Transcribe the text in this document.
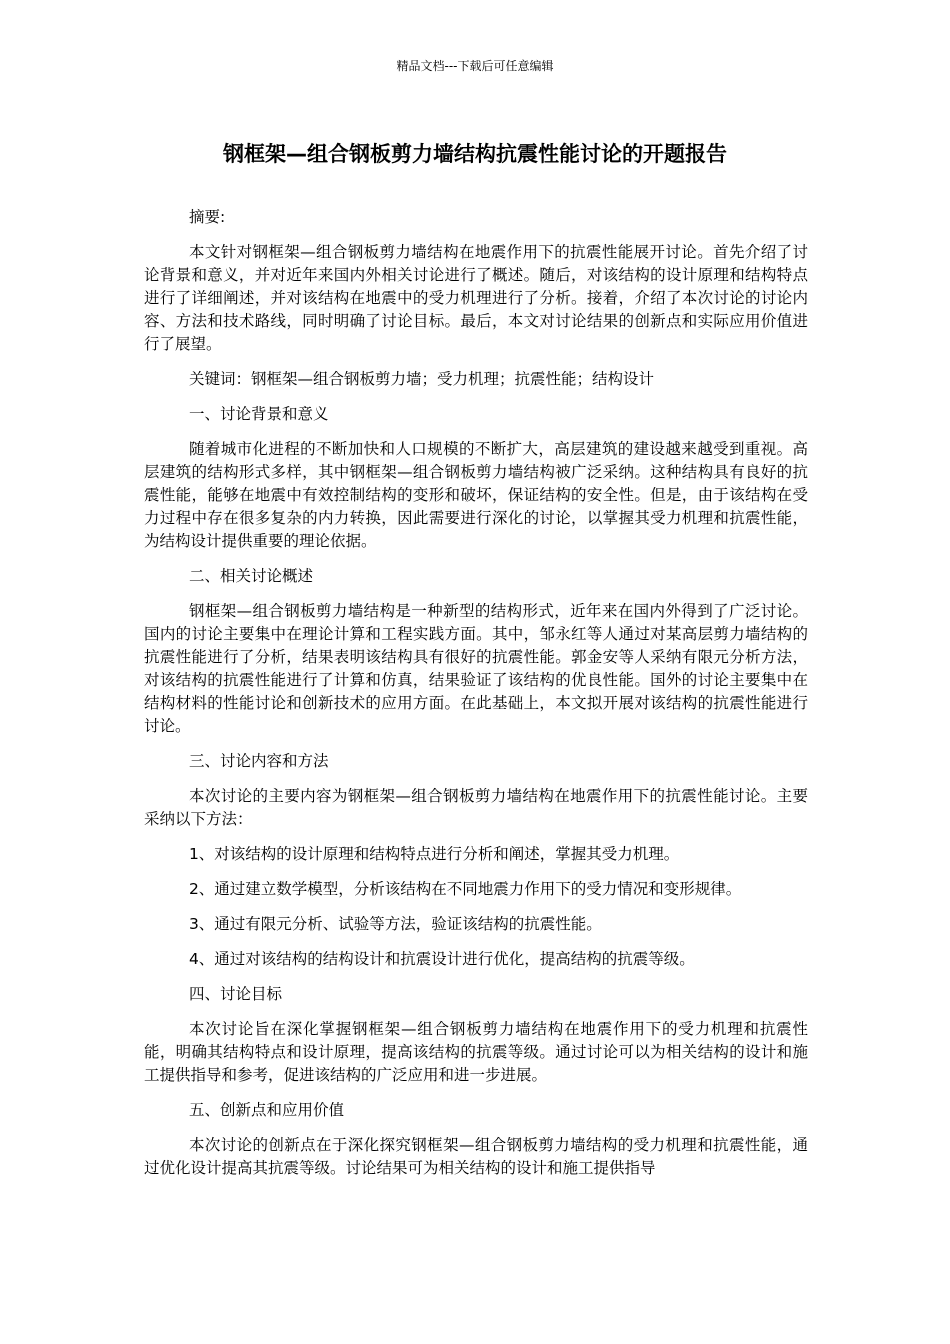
精品文档---下载后可任意编辑
钢框架—组合钢板剪力墙结构抗震性能讨论的开题报告

摘要:

本文针对钢框架—组合钢板剪力墙结构在地震作用下的抗震性能展开讨论。首先介绍了讨论背景和意义，并对近年来国内外相关讨论进行了概述。随后，对该结构的设计原理和结构特点进行了详细阐述，并对该结构在地震中的受力机理进行了分析。接着，介绍了本次讨论的讨论内容、方法和技术路线，同时明确了讨论目标。最后，本文对讨论结果的创新点和实际应用价值进行了展望。

关键词：钢框架—组合钢板剪力墙；受力机理；抗震性能；结构设计

一、讨论背景和意义

随着城市化进程的不断加快和人口规模的不断扩大，高层建筑的建设越来越受到重视。高层建筑的结构形式多样，其中钢框架—组合钢板剪力墙结构被广泛采纳。这种结构具有良好的抗震性能，能够在地震中有效控制结构的变形和破坏，保证结构的安全性。但是，由于该结构在受力过程中存在很多复杂的内力转换，因此需要进行深化的讨论，以掌握其受力机理和抗震性能，为结构设计提供重要的理论依据。

二、相关讨论概述

钢框架—组合钢板剪力墙结构是一种新型的结构形式，近年来在国内外得到了广泛讨论。国内的讨论主要集中在理论计算和工程实践方面。其中，邹永红等人通过对某高层剪力墙结构的抗震性能进行了分析，结果表明该结构具有很好的抗震性能。郭金安等人采纳有限元分析方法，对该结构的抗震性能进行了计算和仿真，结果验证了该结构的优良性能。国外的讨论主要集中在结构材料的性能讨论和创新技术的应用方面。在此基础上，本文拟开展对该结构的抗震性能进行讨论。

三、讨论内容和方法

本次讨论的主要内容为钢框架—组合钢板剪力墙结构在地震作用下的抗震性能讨论。主要采纳以下方法：

1、对该结构的设计原理和结构特点进行分析和阐述，掌握其受力机理。

2、通过建立数学模型，分析该结构在不同地震力作用下的受力情况和变形规律。

3、通过有限元分析、试验等方法，验证该结构的抗震性能。

4、通过对该结构的结构设计和抗震设计进行优化，提高结构的抗震等级。

四、讨论目标

本次讨论旨在深化掌握钢框架—组合钢板剪力墙结构在地震作用下的受力机理和抗震性能，明确其结构特点和设计原理，提高该结构的抗震等级。通过讨论可以为相关结构的设计和施工提供指导和参考，促进该结构的广泛应用和进一步进展。

五、创新点和应用价值

本次讨论的创新点在于深化探究钢框架—组合钢板剪力墙结构的受力机理和抗震性能，通过优化设计提高其抗震等级。讨论结果可为相关结构的设计和施工提供指导
